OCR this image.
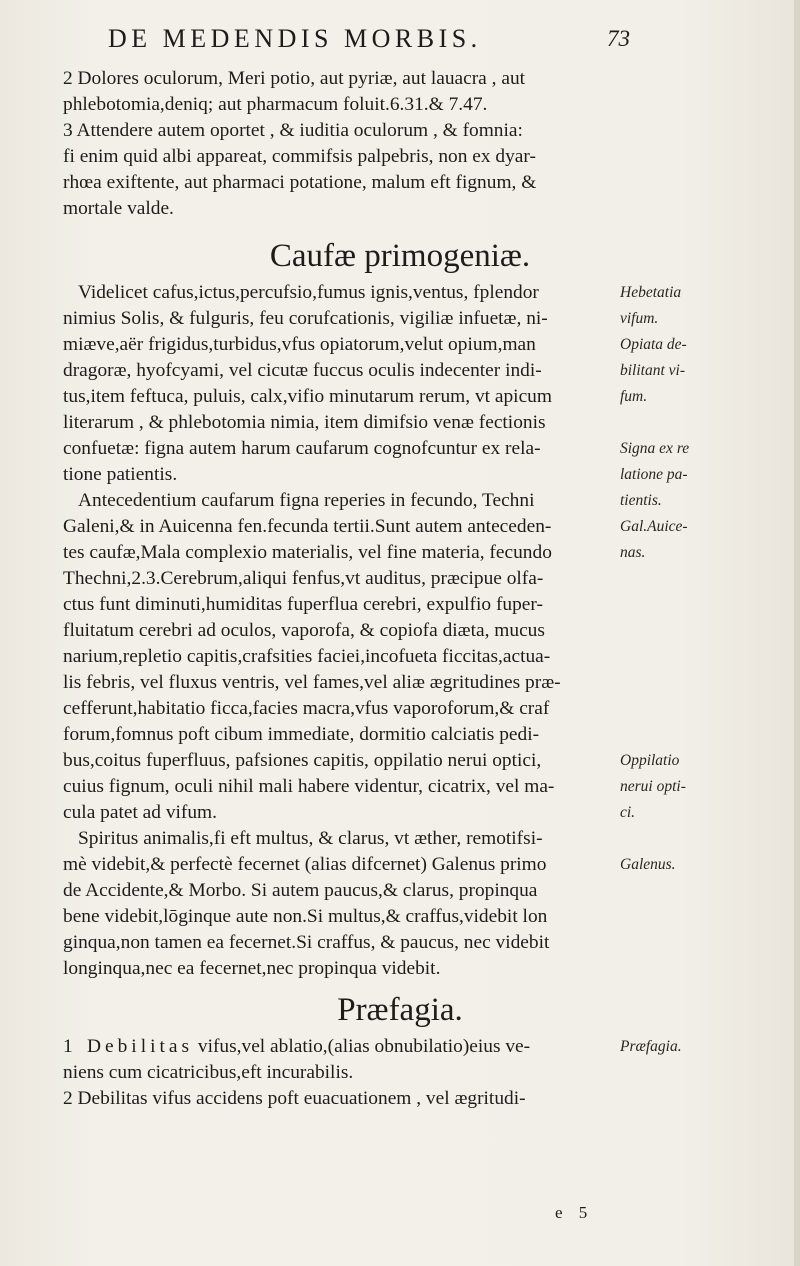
DE MEDENDIS MORBIS.	73
2 Dolores oculorum, Meri potio, aut pyriæ, aut lauacra , aut
phlebotomia,deniq; aut pharmacum foluit.6.31.& 7.47.
3 Attendere autem oportet , & iuditia oculorum , & fomnia:
fi enim quid albi appareat, commifsis palpebris, non ex dyar-
rhœa exiftente, aut pharmaci potatione, malum eft fignum, &
mortale valde.
Caufæ primogeniæ.
Videlicet cafus,ictus,percufsio,fumus ignis,ventus, fplendor
nimius Solis, & fulguris, feu corufcationis, vigiliæ infuetæ, ni-
miæve,aër frigidus,turbidus,vfus opiatorum,velut opium,man
dragoræ, hyofcyami, vel cicutæ fuccus oculis indecenter indi-
tus,item feftuca, puluis, calx,vifio minutarum rerum, vt apicum
literarum , & phlebotomia nimia, item dimifsio venæ fectionis
confuetæ: figna autem harum caufarum cognofcuntur ex rela-
tione patientis.
Antecedentium caufarum figna reperies in fecundo, Techni
Galeni,& in Auicenna fen.fecunda tertii.Sunt autem anteceden-
tes caufæ,Mala complexio materialis, vel fine materia, fecundo
Thechni,2.3.Cerebrum,aliqui fenfus,vt auditus, præcipue olfa-
ctus funt diminuti,humiditas fuperflua cerebri, expulfio fuper-
fluitatum cerebri ad oculos, vaporofa, & copiofa diæta, mucus
narium,repletio capitis,crafsities faciei,incofueta ficcitas,actua-
lis febris, vel fluxus ventris, vel fames,vel aliæ ægritudines præ-
cefferunt,habitatio ficca,facies macra,vfus vaporoforum,& craf
forum,fomnus poft cibum immediate, dormitio calciatis pedi-
bus,coitus fuperfluus, pafsiones capitis, oppilatio nerui optici,
cuius fignum, oculi nihil mali habere videntur, cicatrix, vel ma-
cula patet ad vifum.
Spiritus animalis,fi eft multus, & clarus, vt æther, remotifsi-
mè videbit,& perfectè fecernet (alias difcernet) Galenus primo
de Accidente,& Morbo. Si autem paucus,& clarus, propinqua
bene videbit,lōginque aute non.Si multus,& craffus,videbit lon
ginqua,non tamen ea fecernet.Si craffus, & paucus, nec videbit
longinqua,nec ea fecernet,nec propinqua videbit.
Præfagia.
1 Debilitas vifus,vel ablatio,(alias obnubilatio)eius ve-
niens cum cicatricibus,eft incurabilis.
2 Debilitas vifus accidens poft euacuationem , vel ægritudi-
Hebetatia
vifum.
Opiata de-
bilitant vi-
fum.
Signa ex re
latione pa-
tientis.
Gal.Auice-
nas.
Oppilatio
nerui opti-
ci.
Galenus.
Præfagia.
e 5
